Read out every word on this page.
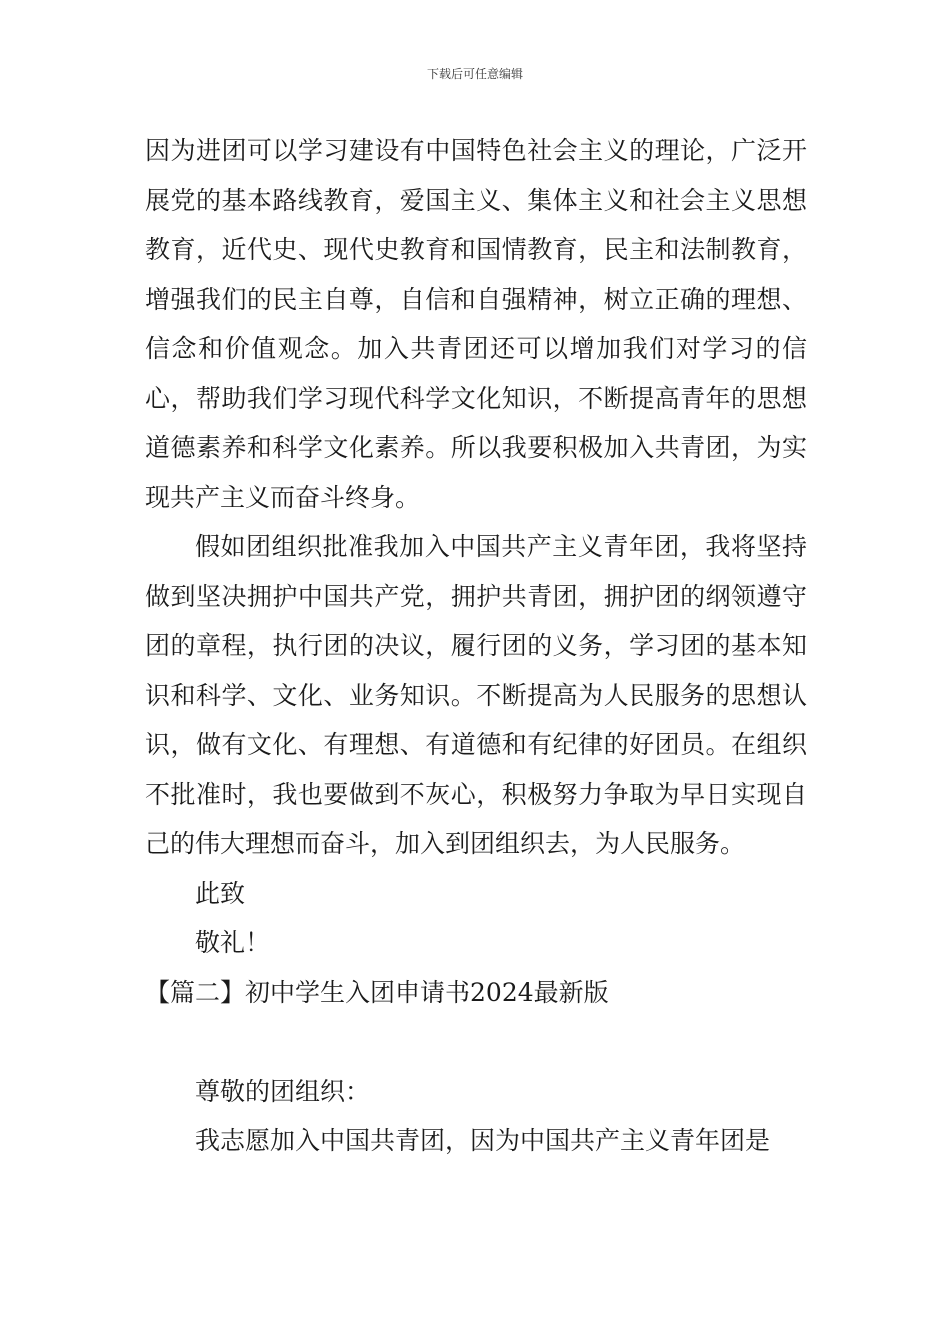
下载后可任意编辑

因为进团可以学习建设有中国特色社会主义的理论，广泛开展党的基本路线教育，爱国主义、集体主义和社会主义思想教育，近代史、现代史教育和国情教育，民主和法制教育，增强我们的民主自尊，自信和自强精神，树立正确的理想、信念和价值观念。加入共青团还可以增加我们对学习的信心，帮助我们学习现代科学文化知识，不断提高青年的思想道德素养和科学文化素养。所以我要积极加入共青团，为实现共产主义而奋斗终身。

假如团组织批准我加入中国共产主义青年团，我将坚持做到坚决拥护中国共产党，拥护共青团，拥护团的纲领遵守团的章程，执行团的决议，履行团的义务，学习团的基本知识和科学、文化、业务知识。不断提高为人民服务的思想认识，做有文化、有理想、有道德和有纪律的好团员。在组织不批准时，我也要做到不灰心，积极努力争取为早日实现自己的伟大理想而奋斗，加入到团组织去，为人民服务。

此致

敬礼！

【篇二】初中学生入团申请书2024最新版

尊敬的团组织：

我志愿加入中国共青团，因为中国共产主义青年团是
